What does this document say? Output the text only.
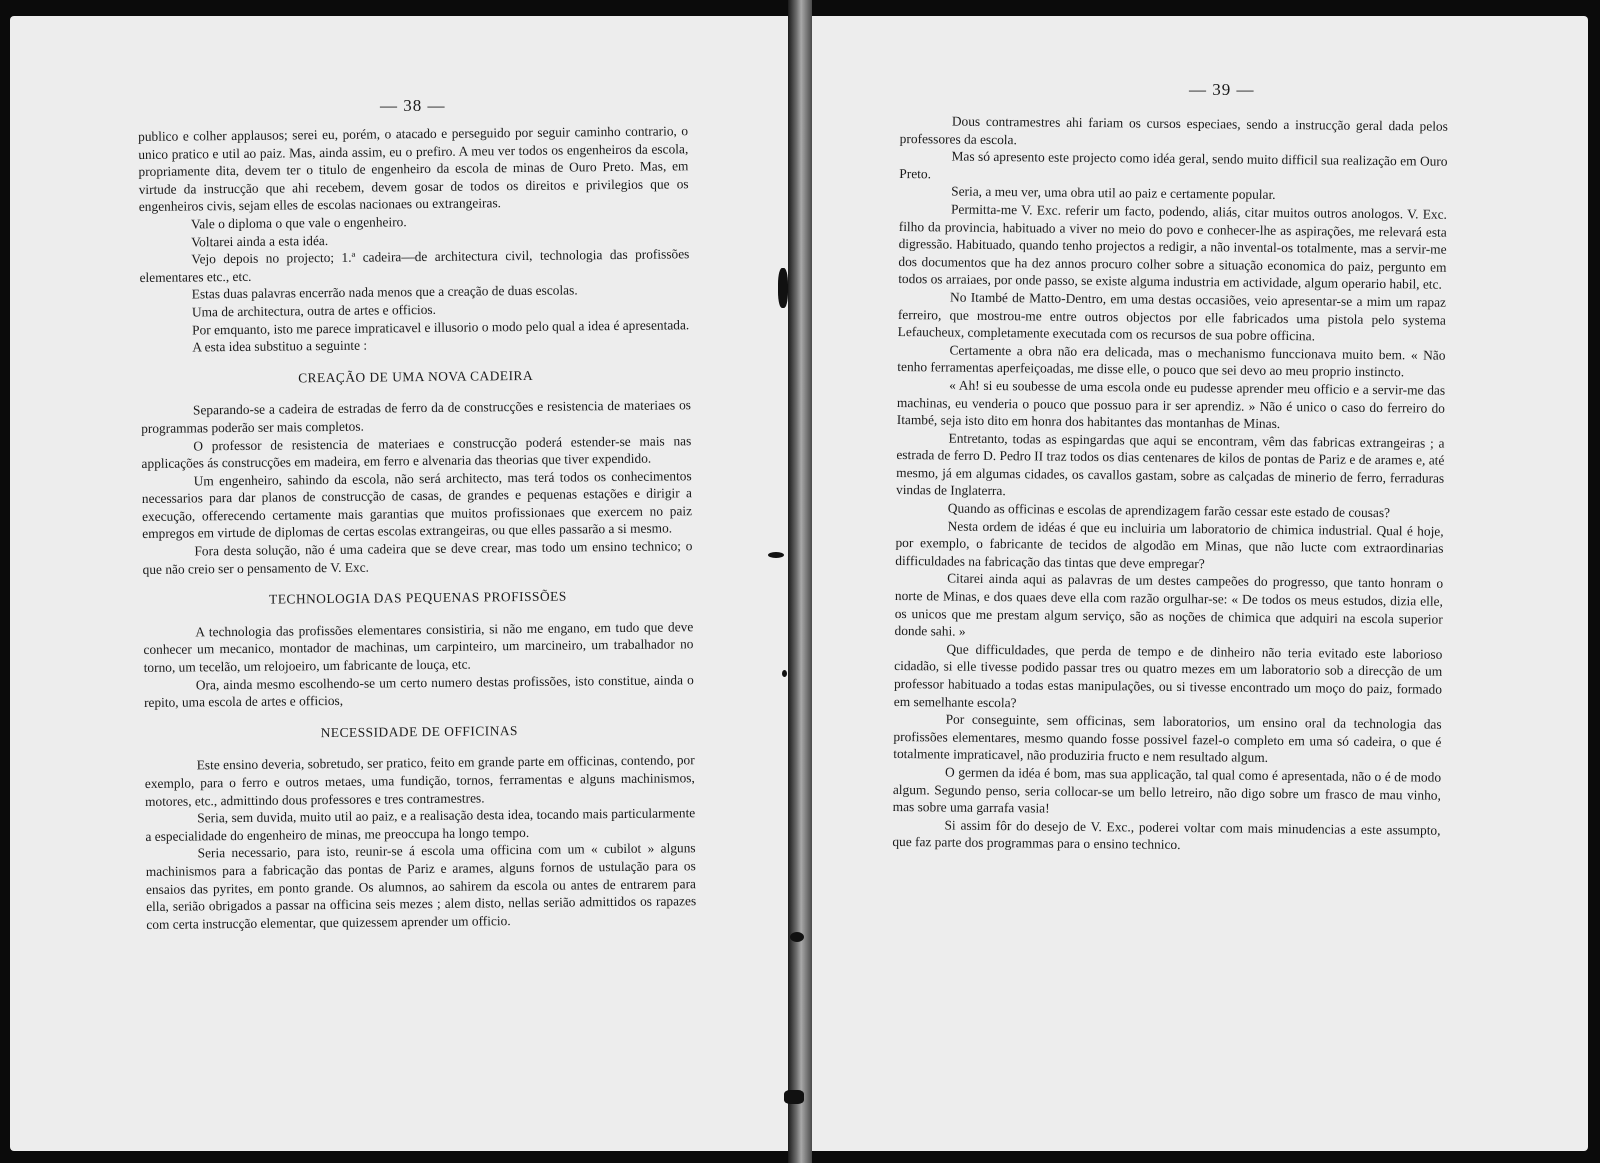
— 38 —

publico e colher applausos; serei eu, porém, o atacado e perseguido por seguir caminho contrario, o unico pratico e util ao paiz. Mas, ainda assim, eu o prefiro. A meu ver todos os engenheiros da escola, propriamente dita, devem ter o titulo de engenheiro da escola de minas de Ouro Preto. Mas, em virtude da instrucção que ahi recebem, devem gosar de todos os direitos e privilegios que os engenheiros civis, sejam elles de escolas nacionaes ou extrangeiras.

Vale o diploma o que vale o engenheiro.

Voltarei ainda a esta idéa.

Vejo depois no projecto; 1.ª cadeira—de architectura civil, technologia das profissões elementares etc., etc.

Estas duas palavras encerrão nada menos que a creação de duas escolas.

Uma de architectura, outra de artes e officios.

Por emquanto, isto me parece impraticavel e illusorio o modo pelo qual a idea é apresentada.

A esta idea substituo a seguinte :

CREAÇÃO DE UMA NOVA CADEIRA

Separando-se a cadeira de estradas de ferro da de construcções e resistencia de materiaes os programmas poderão ser mais completos.

O professor de resistencia de materiaes e construcção poderá estender-se mais nas applicações ás construcções em madeira, em ferro e alvenaria das theorias que tiver expendido.

Um engenheiro, sahindo da escola, não será architecto, mas terá todos os conhecimentos necessarios para dar planos de construcção de casas, de grandes e pequenas estações e dirigir a execução, offerecendo certamente mais garantias que muitos profissionaes que exercem no paiz empregos em virtude de diplomas de certas escolas extrangeiras, ou que elles passarão a si mesmo.

Fora desta solução, não é uma cadeira que se deve crear, mas todo um ensino technico; o que não creio ser o pensamento de V. Exc.

TECHNOLOGIA DAS PEQUENAS PROFISSÕES

A technologia das profissões elementares consistiria, si não me engano, em tudo que deve conhecer um mecanico, montador de machinas, um carpinteiro, um marcineiro, um trabalhador no torno, um tecelão, um relojoeiro, um fabricante de louça, etc.

Ora, ainda mesmo escolhendo-se um certo numero destas profissões, isto constitue, ainda o repito, uma escola de artes e officios,

NECESSIDADE DE OFFICINAS

Este ensino deveria, sobretudo, ser pratico, feito em grande parte em officinas, contendo, por exemplo, para o ferro e outros metaes, uma fundição, tornos, ferramentas e alguns machinismos, motores, etc., admittindo dous professores e tres contramestres.

Seria, sem duvida, muito util ao paiz, e a realisação desta idea, tocando mais particularmente a especialidade do engenheiro de minas, me preoccupa ha longo tempo.

Seria necessario, para isto, reunir-se á escola uma officina com um « cubilot » alguns machinismos para a fabricação das pontas de Pariz e arames, alguns fornos de ustulação para os ensaios das pyrites, em ponto grande. Os alumnos, ao sahirem da escola ou antes de entrarem para ella, serião obrigados a passar na officina seis mezes ; alem disto, nellas serião admittidos os rapazes com certa instrucção elementar, que quizessem aprender um officio.

— 39 —

Dous contramestres ahi fariam os cursos especiaes, sendo a instrucção geral dada pelos professores da escola.

Mas só apresento este projecto como idéa geral, sendo muito difficil sua realização em Ouro Preto.

Seria, a meu ver, uma obra util ao paiz e certamente popular.

Permitta-me V. Exc. referir um facto, podendo, aliás, citar muitos outros anologos. V. Exc. filho da provincia, habituado a viver no meio do povo e conhecer-lhe as aspirações, me relevará esta digressão. Habituado, quando tenho projectos a redigir, a não invental-os totalmente, mas a servir-me dos documentos que ha dez annos procuro colher sobre a situação economica do paiz, pergunto em todos os arraiaes, por onde passo, se existe alguma industria em actividade, algum operario habil, etc.

No Itambé de Matto-Dentro, em uma destas occasiões, veio apresentar-se a mim um rapaz ferreiro, que mostrou-me entre outros objectos por elle fabricados uma pistola pelo systema Lefaucheux, completamente executada com os recursos de sua pobre officina.

Certamente a obra não era delicada, mas o mechanismo funccionava muito bem. « Não tenho ferramentas aperfeiçoadas, me disse elle, o pouco que sei devo ao meu proprio instincto.

« Ah! si eu soubesse de uma escola onde eu pudesse aprender meu officio e a servir-me das machinas, eu venderia o pouco que possuo para ir ser aprendiz. » Não é unico o caso do ferreiro do Itambé, seja isto dito em honra dos habitantes das montanhas de Minas.

Entretanto, todas as espingardas que aqui se encontram, vêm das fabricas extrangeiras ; a estrada de ferro D. Pedro II traz todos os dias centenares de kilos de pontas de Pariz e de arames e, até mesmo, já em algumas cidades, os cavallos gastam, sobre as calçadas de minerio de ferro, ferraduras vindas de Inglaterra.

Quando as officinas e escolas de aprendizagem farão cessar este estado de cousas?

Nesta ordem de idéas é que eu incluiria um laboratorio de chimica industrial. Qual é hoje, por exemplo, o fabricante de tecidos de algodão em Minas, que não lucte com extraordinarias difficuldades na fabricação das tintas que deve empregar?

Citarei ainda aqui as palavras de um destes campeões do progresso, que tanto honram o norte de Minas, e dos quaes deve ella com razão orgulhar-se: « De todos os meus estudos, dizia elle, os unicos que me prestam algum serviço, são as noções de chimica que adquiri na escola superior donde sahi. »

Que difficuldades, que perda de tempo e de dinheiro não teria evitado este laborioso cidadão, si elle tivesse podido passar tres ou quatro mezes em um laboratorio sob a direcção de um professor habituado a todas estas manipulações, ou si tivesse encontrado um moço do paiz, formado em semelhante escola?

Por conseguinte, sem officinas, sem laboratorios, um ensino oral da technologia das profissões elementares, mesmo quando fosse possivel fazel-o completo em uma só cadeira, o que é totalmente impraticavel, não produziria fructo e nem resultado algum.

O germen da idéa é bom, mas sua applicação, tal qual como é apresentada, não o é de modo algum. Segundo penso, seria collocar-se um bello letreiro, não digo sobre um frasco de mau vinho, mas sobre uma garrafa vasia!

Si assim fôr do desejo de V. Exc., poderei voltar com mais minudencias a este assumpto, que faz parte dos programmas para o ensino technico.
